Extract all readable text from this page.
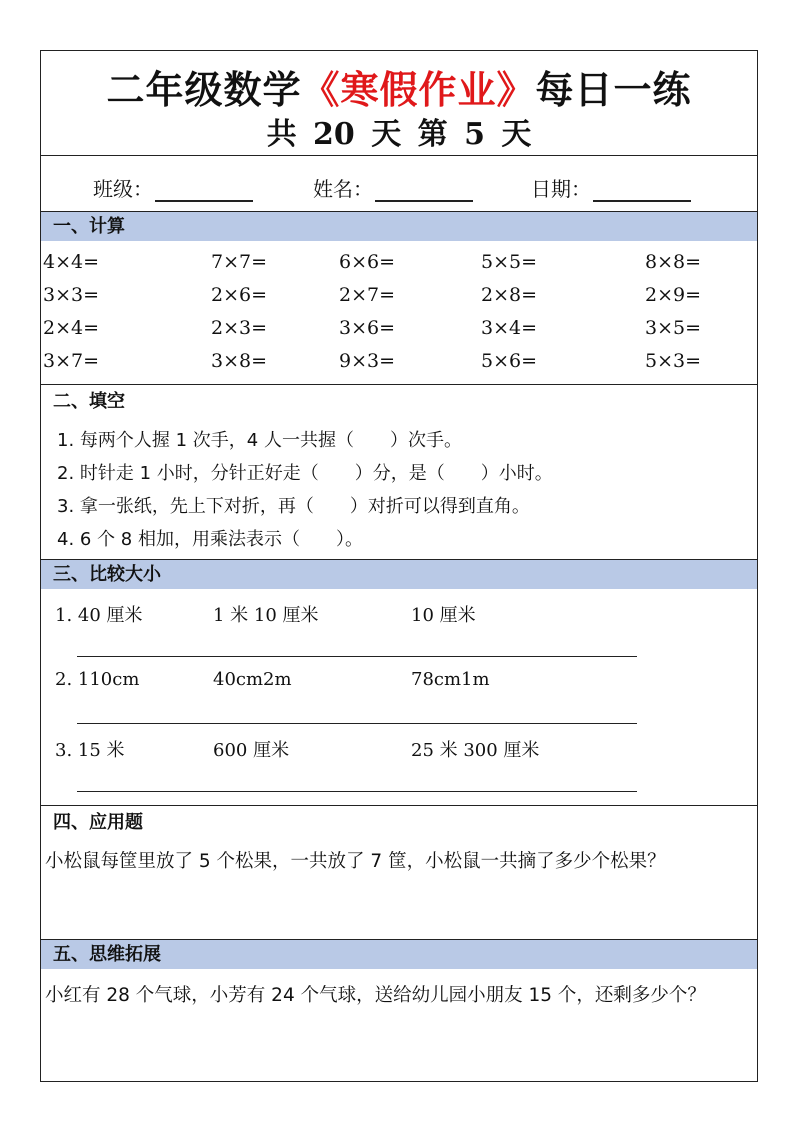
二年级数学《寒假作业》每日一练
共 20 天 第 5 天
班级：	姓名：	日期：
一、计算
4×4=	7×7=	6×6=	5×5=	8×8=
3×3=	2×6=	2×7=	2×8=	2×9=
2×4=	2×3=	3×6=	3×4=	3×5=
3×7=	3×8=	9×3=	5×6=	5×3=
二、填空
1. 每两个人握 1 次手，4 人一共握（　　）次手。
2. 时针走 1 小时，分针正好走（　　）分，是（　　）小时。
3. 拿一张纸，先上下对折，再（　　）对折可以得到直角。
4. 6 个 8 相加，用乘法表示（　　）。
三、比较大小
1. 40 厘米	1 米 10 厘米	10 厘米
2. 110cm	40cm2m	78cm1m
3. 15 米	600 厘米	25 米 300 厘米
四、应用题
小松鼠每筐里放了 5 个松果，一共放了 7 筐，小松鼠一共摘了多少个松果？
五、思维拓展
小红有 28 个气球，小芳有 24 个气球，送给幼儿园小朋友 15 个，还剩多少个？
